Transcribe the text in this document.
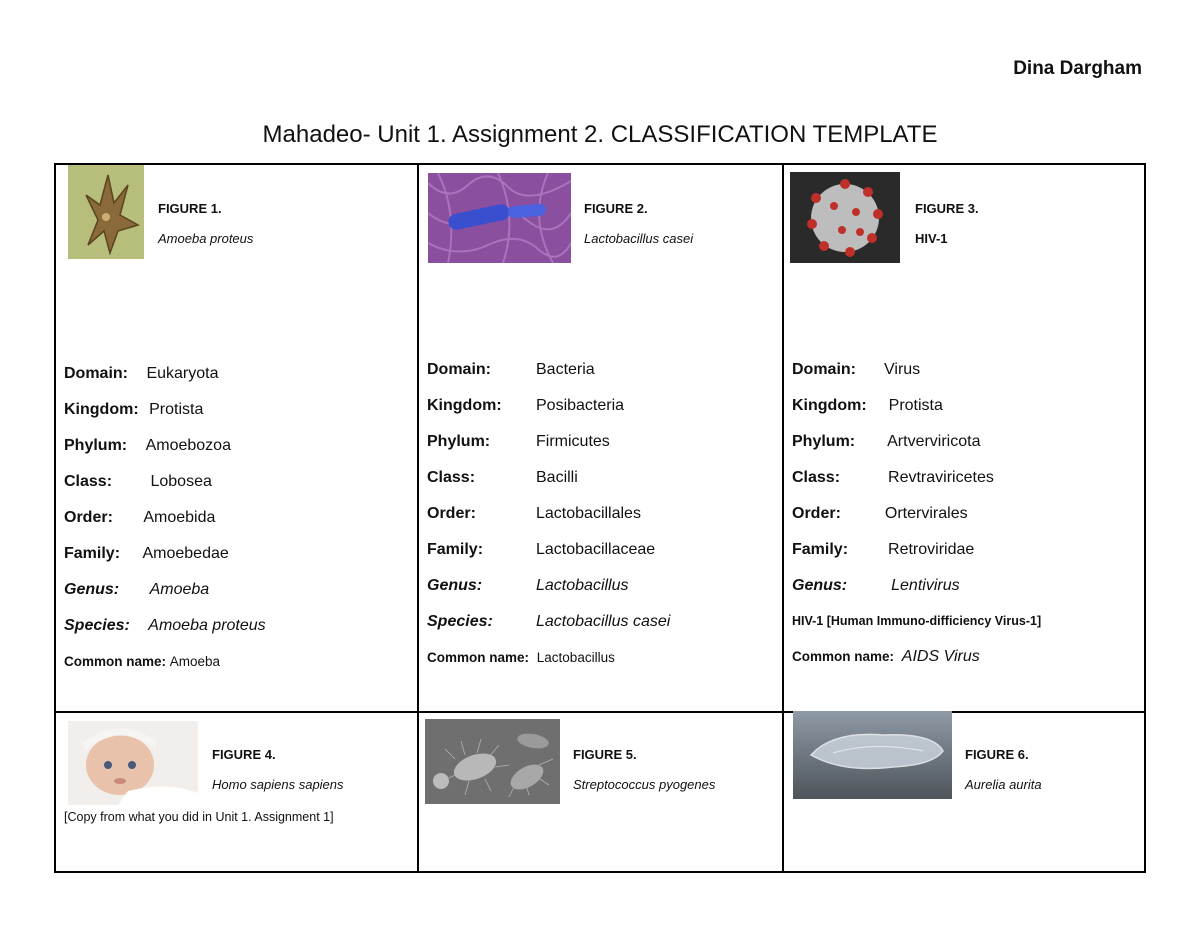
Dina Dargham
Mahadeo- Unit 1. Assignment 2. CLASSIFICATION TEMPLATE
FIGURE 1.
Amoeba proteus
Domain: Eukaryota
Kingdom: Protista
Phylum: Amoebozoa
Class: Lobosea
Order: Amoebida
Family: Amoebedae
Genus: Amoeba
Species: Amoeba proteus
Common name: Amoeba
FIGURE 2.
Lactobacillus casei
Domain:	Bacteria
Kingdom: Posibacteria
Phylum:	Firmicutes
Class:	Bacilli
Order:	Lactobacillales
Family:	Lactobacillaceae
Genus:	Lactobacillus
Species:	Lactobacillus casei
Common name: Lactobacillus
FIGURE 3.
HIV-1
Domain: Virus
Kingdom: Protista
Phylum: Artverviricota
Class:	Revtraviricetes
Order:	Ortervirales
Family:	Retroviridae
Genus:	Lentivirus
HIV-1 [Human Immuno-difficiency Virus-1]
Common name: AIDS Virus
FIGURE 4.
Homo sapiens sapiens
[Copy from what you did in Unit 1. Assignment 1]
FIGURE 5.
Streptococcus pyogenes
FIGURE 6.
Aurelia aurita
